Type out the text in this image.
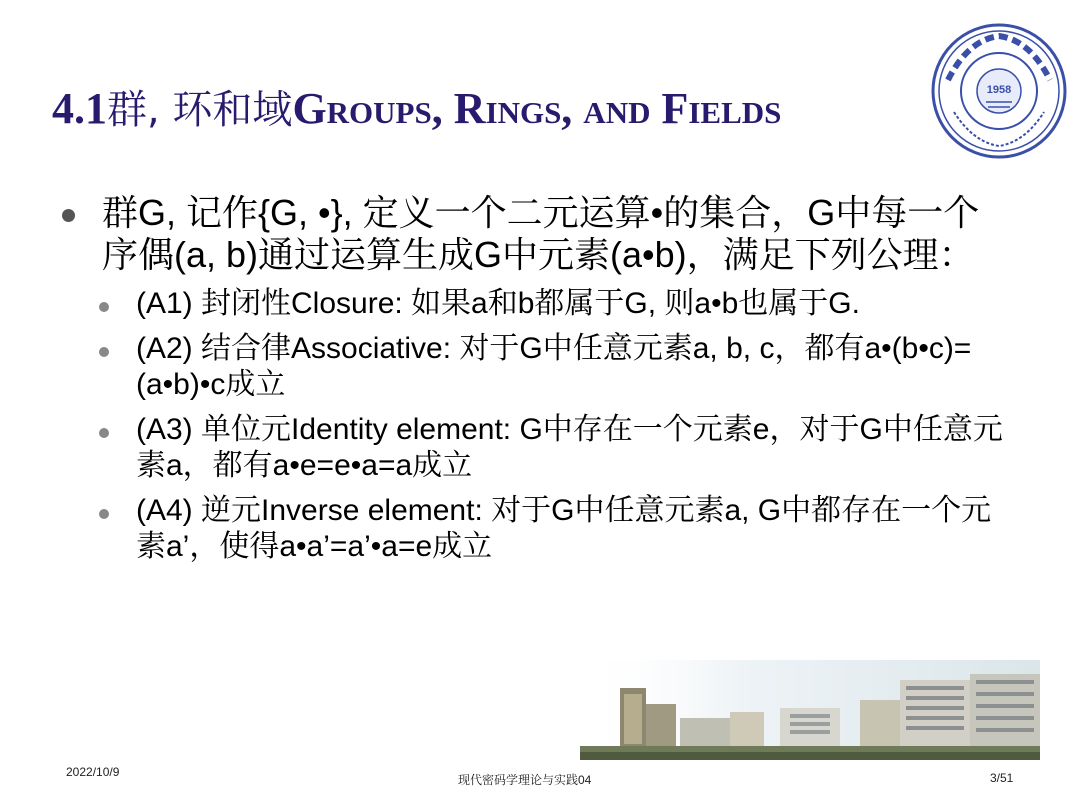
4.1群, 环和域Groups, Rings, and Fields	1958
群G, 记作{G, •}, 定义一个二元运算•的集合，G中每一个序偶(a, b)通过运算生成G中元素(a•b)，满足下列公理：
(A1) 封闭性Closure: 如果a和b都属于G, 则a•b也属于G.
(A2) 结合律Associative: 对于G中任意元素a, b, c，都有a•(b•c)=(a•b)•c成立
(A3) 单位元Identity element: G中存在一个元素e，对于G中任意元素a，都有a•e=e•a=a成立
(A4) 逆元Inverse element: 对于G中任意元素a, G中都存在一个元素a’，使得a•a’=a’•a=e成立
2022/10/9
现代密码学理论与实践04	3/51
